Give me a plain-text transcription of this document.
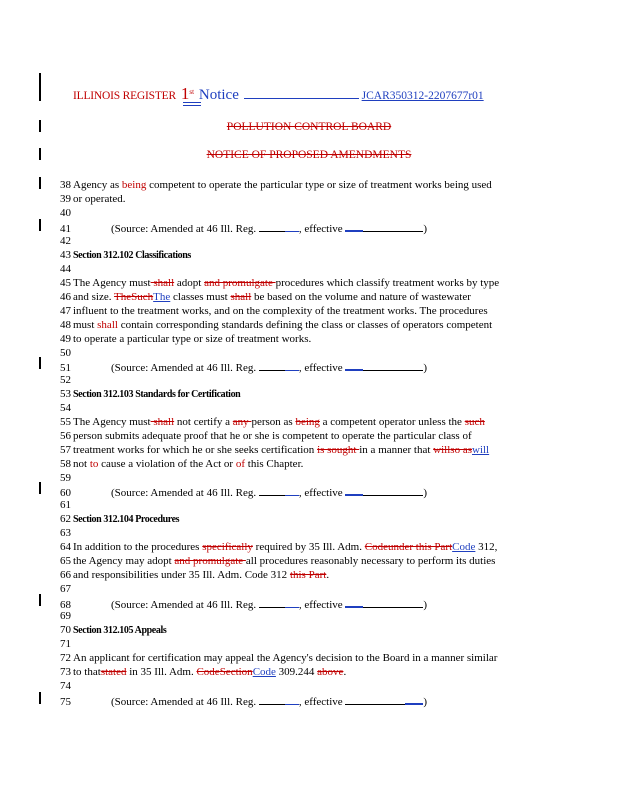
ILLINOIS REGISTER 1st Notice	JCAR350312-2207677r01
POLLUTION CONTROL BOARD
NOTICE OF PROPOSED AMENDMENTS
38 Agency as being competent to operate the particular type or size of treatment works being used
39 or operated.
40
41	(Source: Amended at 46 Ill. Reg.	, effective	)
42
43 Section 312.102 Classifications
44
45 The Agency must shall adopt and promulgate procedures which classify treatment works by type
46 and size. TheSuchThe classes must shall be based on the volume and nature of wastewater
47 influent to the treatment works, and on the complexity of the treatment works. The procedures
48 must shall contain corresponding standards defining the class or classes of operators competent
49 to operate a particular type or size of treatment works.
50
51	(Source: Amended at 46 Ill. Reg.	, effective	)
52
53 Section 312.103 Standards for Certification
54
55 The Agency must shall not certify a any person as being a competent operator unless the such
56 person submits adequate proof that he or she is competent to operate the particular class of
57 treatment works for which he or she seeks certification is sought in a manner that willso aswill
58 not to cause a violation of the Act or of this Chapter.
59
60	(Source: Amended at 46 Ill. Reg.	, effective	)
61
62 Section 312.104 Procedures
63
64 In addition to the procedures specifically required by 35 Ill. Adm. Codeunder this PartCode 312,
65 the Agency may adopt and promulgate all procedures reasonably necessary to perform its duties
66 and responsibilities under 35 Ill. Adm. Code 312 this Part.
67
68	(Source: Amended at 46 Ill. Reg.	, effective	)
69
70 Section 312.105 Appeals
71
72 An applicant for certification may appeal the Agency's decision to the Board in a manner similar
73 to thatstated in 35 Ill. Adm. CodeSectionCode 309.244 above.
74
75	(Source: Amended at 46 Ill. Reg.	, effective	)
